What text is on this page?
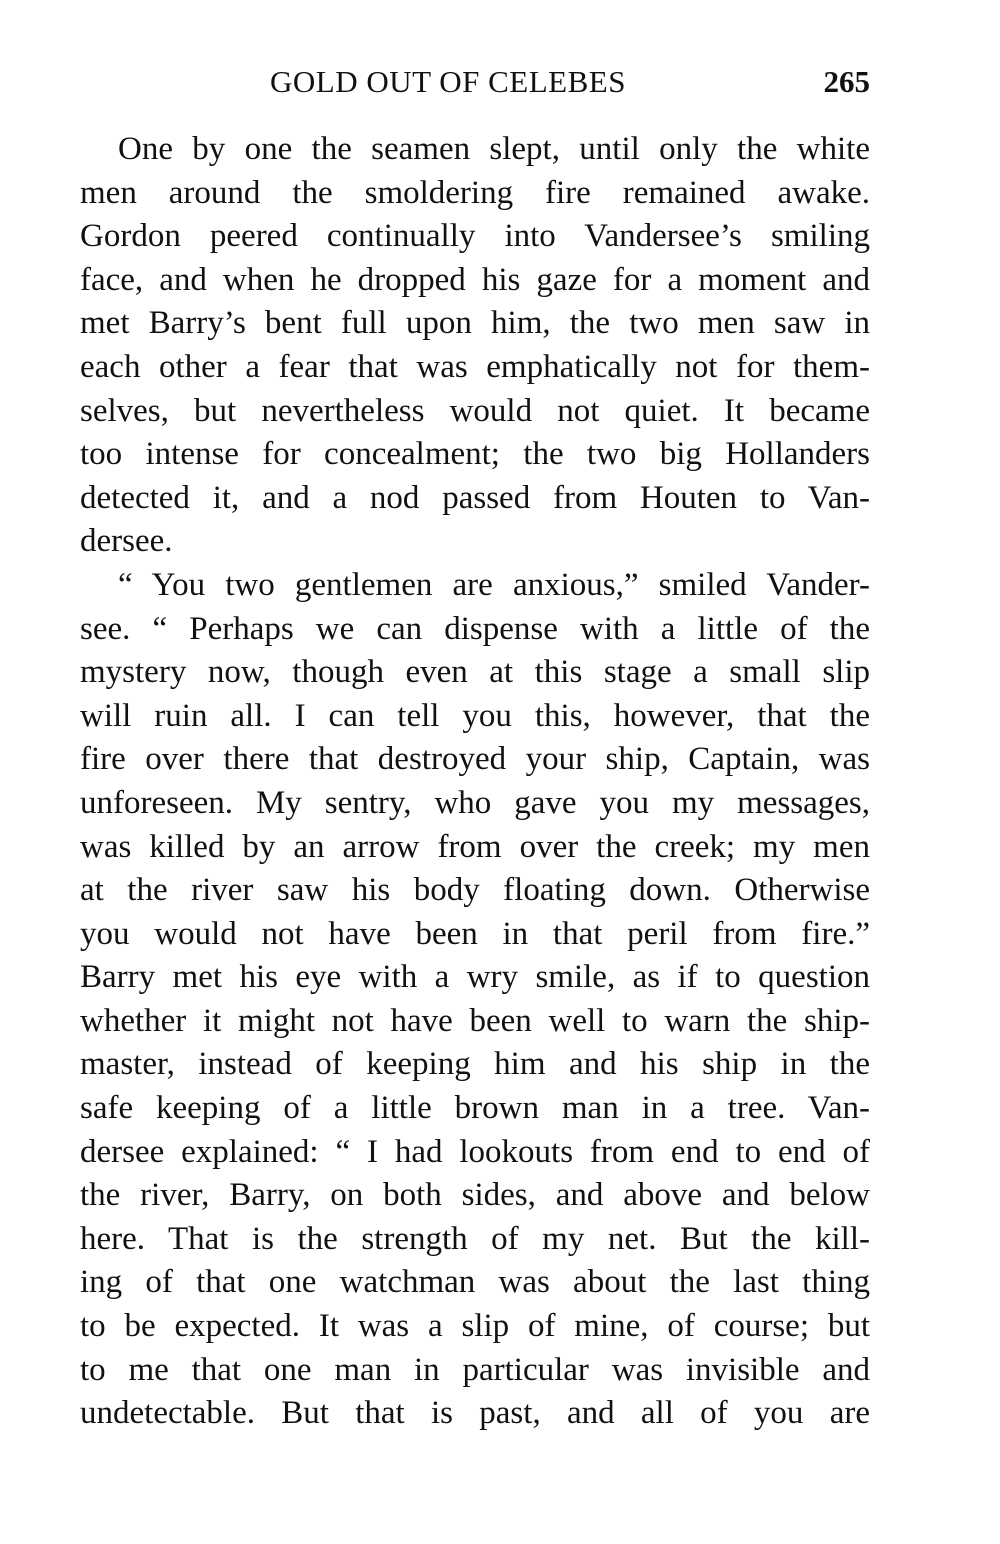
GOLD OUT OF CELEBES	265
One by one the seamen slept, until only the white
men around the smoldering fire remained awake.
Gordon peered continually into Vandersee’s smiling
face, and when he dropped his gaze for a moment and
met Barry’s bent full upon him, the two men saw in
each other a fear that was emphatically not for them-
selves, but nevertheless would not quiet. It became
too intense for concealment; the two big Hollanders
detected it, and a nod passed from Houten to Van-
dersee.
“ You two gentlemen are anxious,” smiled Vander-
see. “ Perhaps we can dispense with a little of the
mystery now, though even at this stage a small slip
will ruin all. I can tell you this, however, that the
fire over there that destroyed your ship, Captain, was
unforeseen. My sentry, who gave you my messages,
was killed by an arrow from over the creek; my men
at the river saw his body floating down. Otherwise
you would not have been in that peril from fire.”
Barry met his eye with a wry smile, as if to question
whether it might not have been well to warn the ship-
master, instead of keeping him and his ship in the
safe keeping of a little brown man in a tree. Van-
dersee explained: “ I had lookouts from end to end of
the river, Barry, on both sides, and above and below
here. That is the strength of my net. But the kill-
ing of that one watchman was about the last thing
to be expected. It was a slip of mine, of course; but
to me that one man in particular was invisible and
undetectable. But that is past, and all of you are
